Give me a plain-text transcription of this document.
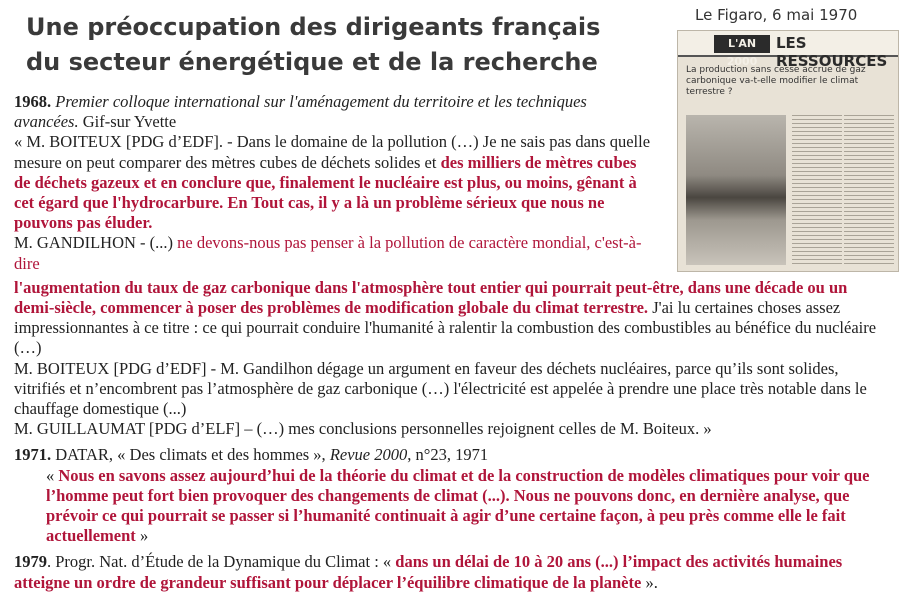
Une préoccupation des dirigeants français du secteur énergétique et de la recherche
Le Figaro, 6 mai 1970
L'AN 2000
LES RESSOURCES
La production sans cesse accrue de gaz carbonique va-t-elle modifier le climat terrestre ?
1968. Premier colloque international sur l'aménagement du territoire et les techniques avancées. Gif-sur Yvette
« M. BOITEUX [PDG d’EDF]. - Dans le domaine de la pollution (…) Je ne sais pas dans quelle mesure on peut comparer des mètres cubes de déchets solides et des milliers de mètres cubes de déchets gazeux et en conclure que, finalement le nucléaire est plus, ou moins, gênant à cet égard que l'hydrocarbure. En Tout cas, il y a là un problème sérieux que nous ne pouvons pas éluder.
M. GANDILHON - (...) ne devons-nous pas penser à la pollution de caractère mondial, c'est-à-dire
l'augmentation du taux de gaz carbonique dans l'atmosphère tout entier qui pourrait peut-être, dans une décade ou un demi-siècle, commencer à poser des problèmes de modification globale du climat terrestre. J'ai lu certaines choses assez impressionnantes à ce titre : ce qui pourrait conduire l'humanité à ralentir la combustion des combustibles au bénéfice du nucléaire (…)
M. BOITEUX [PDG d’EDF] - M. Gandilhon dégage un argument en faveur des déchets nucléaires, parce qu’ils sont solides, vitrifiés et n’encombrent pas l’atmosphère de gaz carbonique (…) l'électricité est appelée à prendre une place très notable dans le chauffage domestique (...)
M. GUILLAUMAT [PDG d’ELF] – (…) mes conclusions personnelles rejoignent celles de M. Boiteux. »
1971. DATAR, « Des climats et des hommes », Revue 2000, n°23, 1971
« Nous en savons assez aujourd’hui de la théorie du climat et de la construction de modèles climatiques pour voir que l’homme peut fort bien provoquer des changements de climat (...). Nous ne pouvons donc, en dernière analyse, que prévoir ce qui pourrait se passer si l’humanité continuait à agir d’une certaine façon, à peu près comme elle le fait actuellement »
1979. Progr. Nat. d’Étude de la Dynamique du Climat : « dans un délai de 10 à 20 ans (...) l’impact des activités humaines atteigne un ordre de grandeur suffisant pour déplacer l’équilibre climatique de la planète ».
